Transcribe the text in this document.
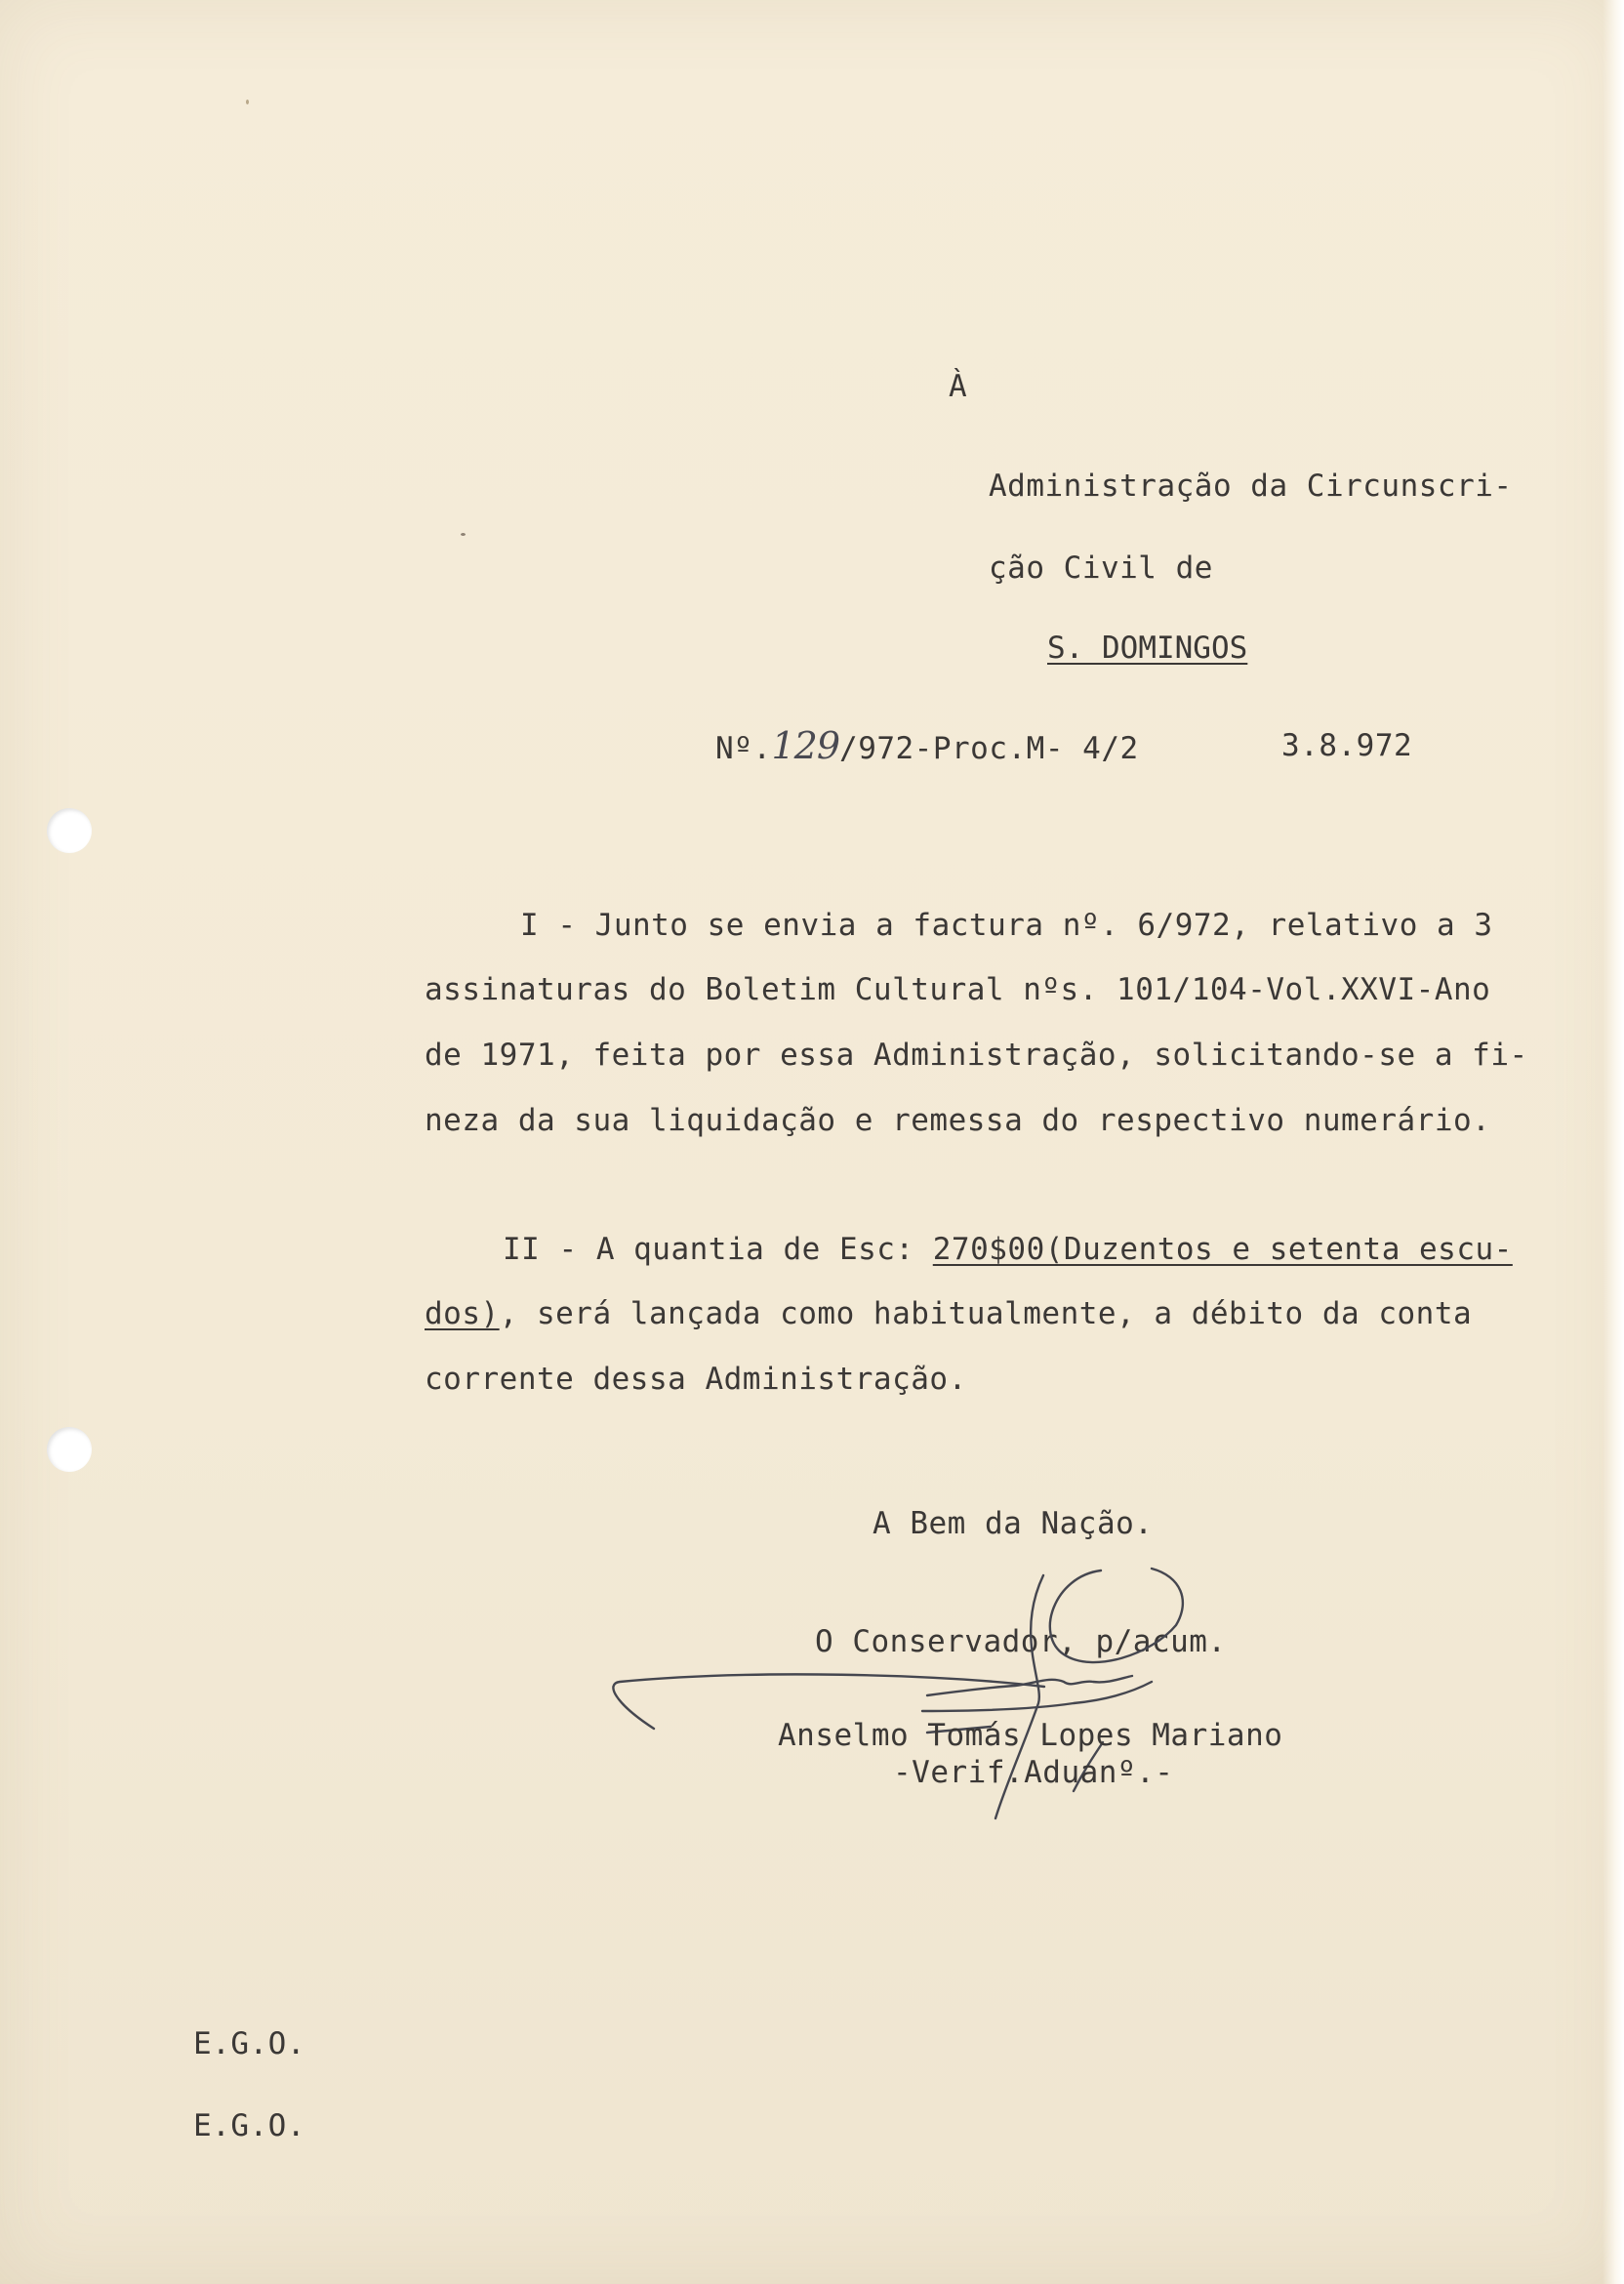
À
Administração da Circunscri-
ção Civil de
S. DOMINGOS
Nº.129/972-Proc.M- 4/2	3.8.972
I - Junto se envia a factura nº. 6/972, relativo a 3
assinaturas do Boletim Cultural nºs. 101/104-Vol.XXVI-Ano
de 1971, feita por essa Administração, solicitando-se a fi-
neza da sua liquidação e remessa do respectivo numerário.
II - A quantia de Esc: 270$00(Duzentos e setenta escu-
dos), será lançada como habitualmente, a débito da conta
corrente dessa Administração.
A Bem da Nação.
O Conservador, p/acum.
Anselmo Tomás Lopes Mariano
-Verif.Aduanº.-
E.G.O.
E.G.O.
